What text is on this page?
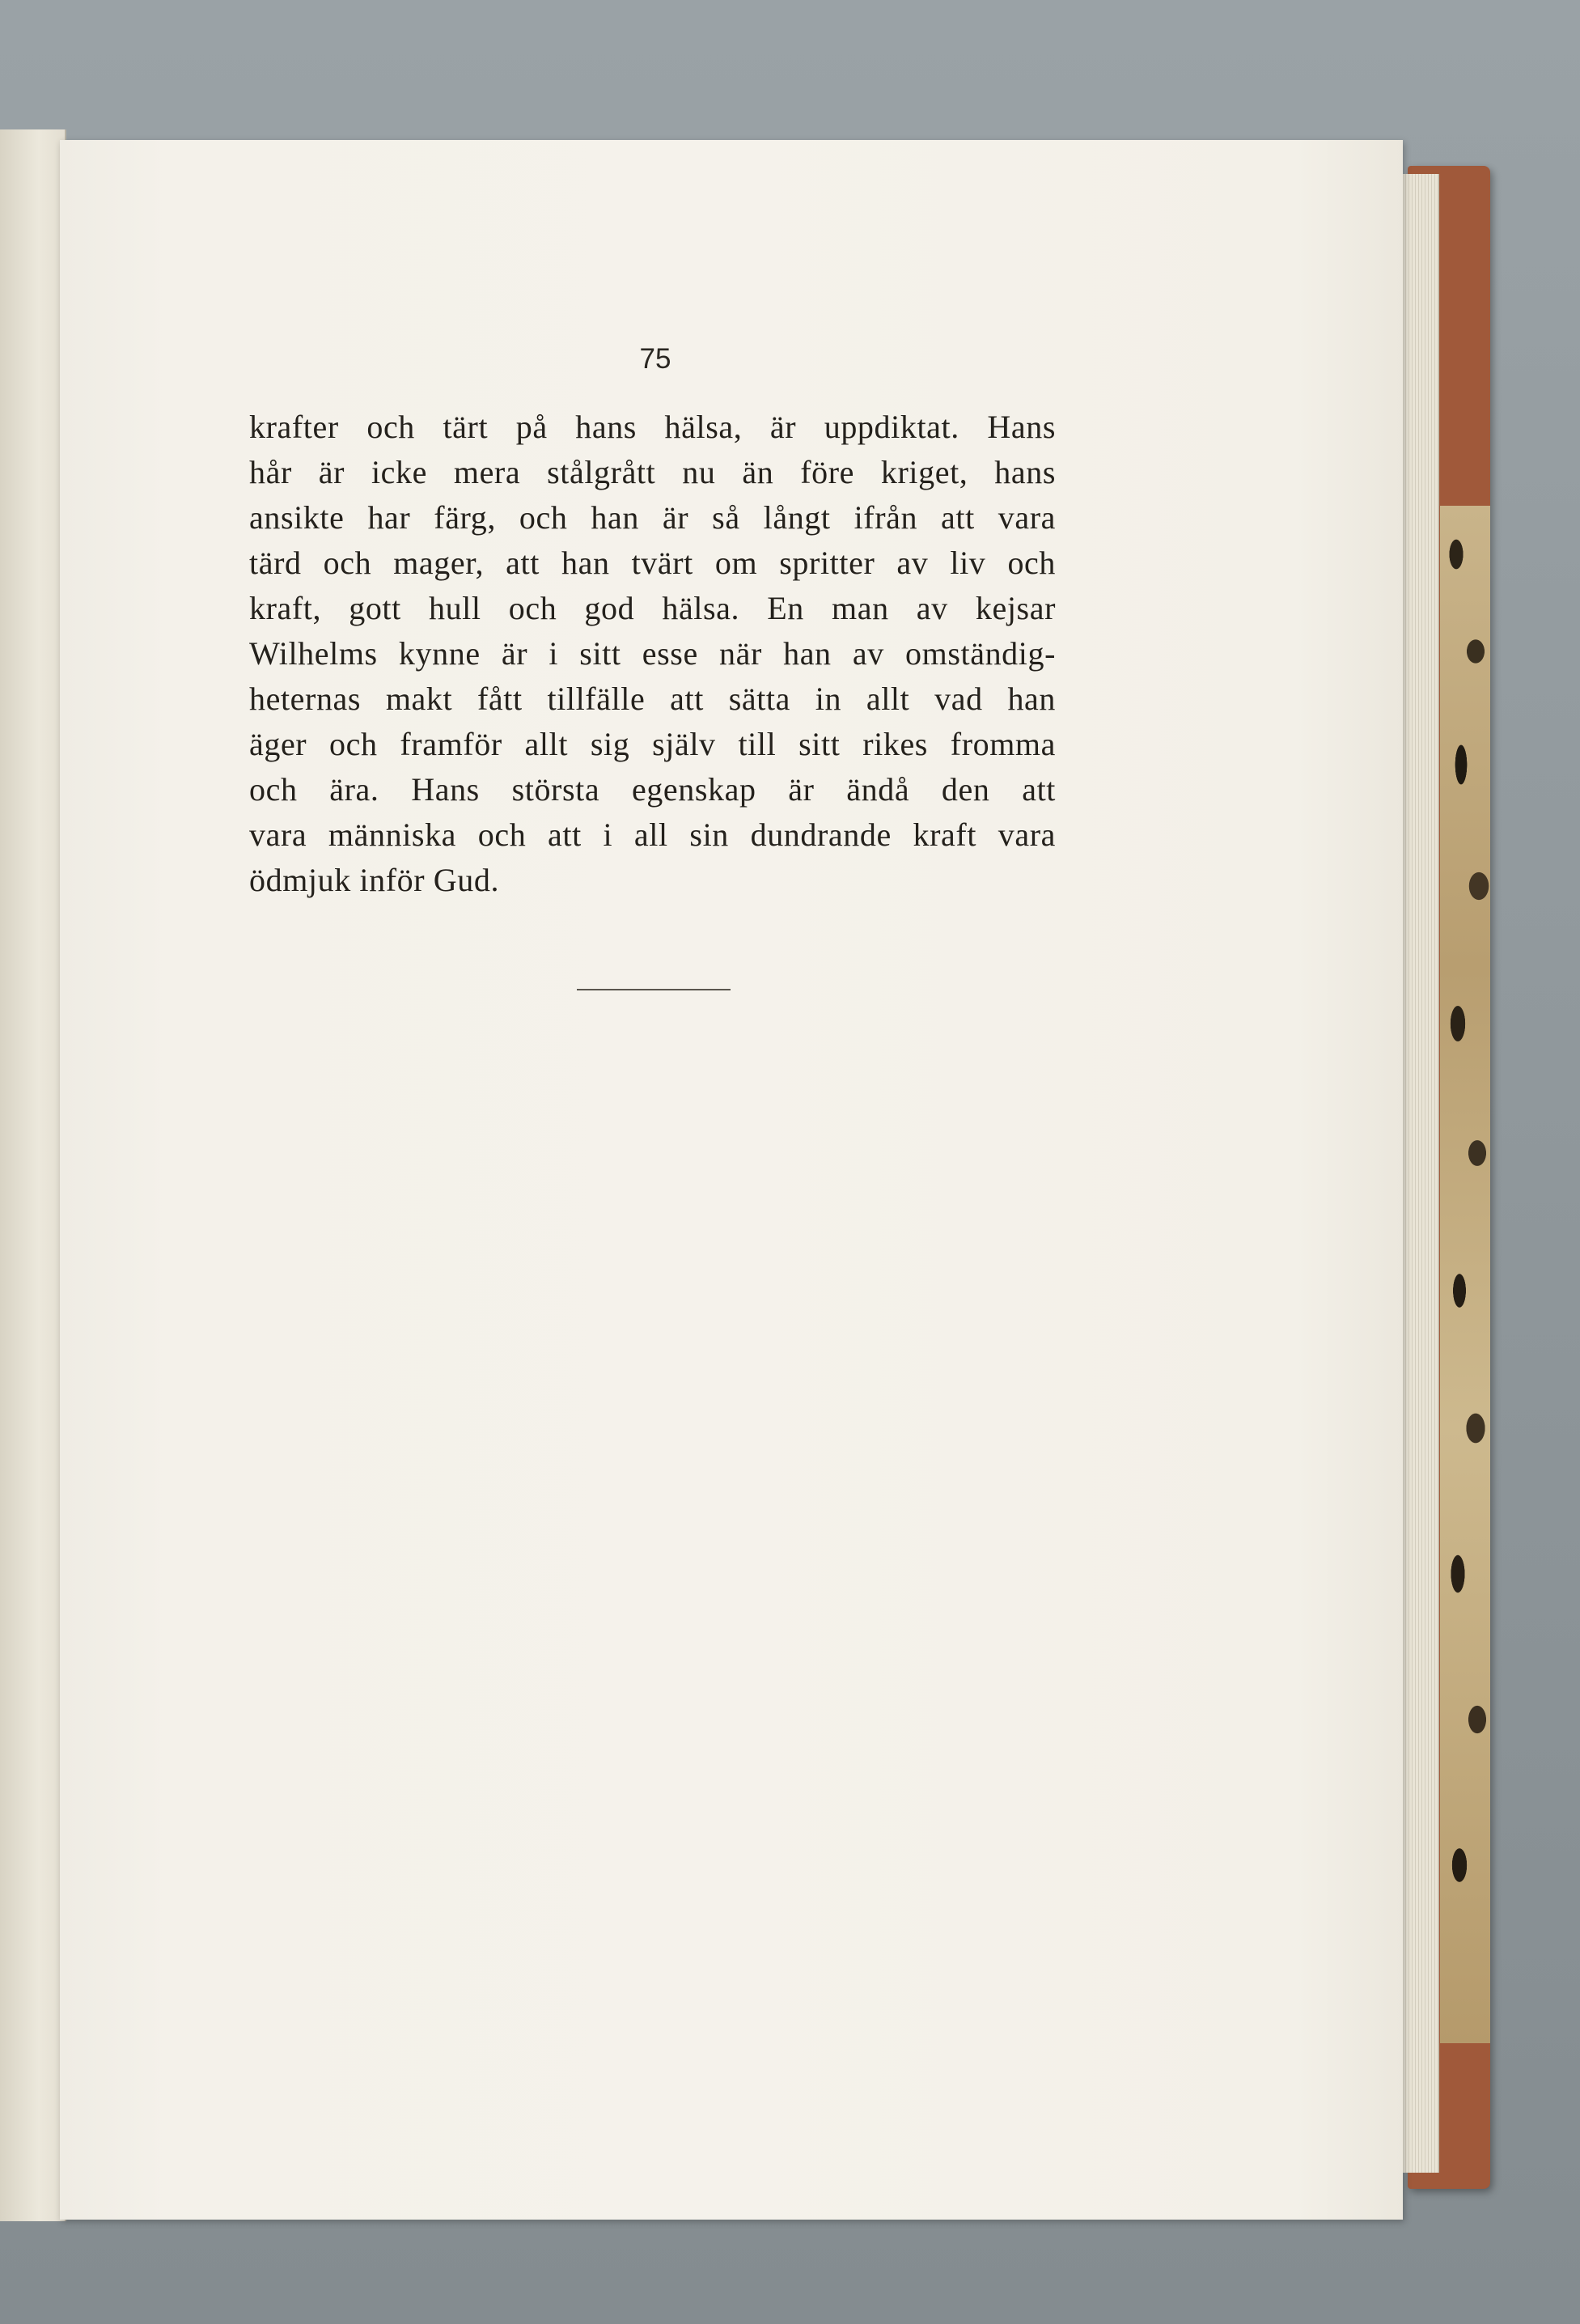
75
krafter och tärt på hans hälsa, är uppdiktat. Hans
hår är icke mera stålgrått nu än före kriget, hans
ansikte har färg, och han är så långt ifrån att vara
tärd och mager, att han tvärt om spritter av liv och
kraft, gott hull och god hälsa. En man av kejsar
Wilhelms kynne är i sitt esse när han av omständig-
heternas makt fått tillfälle att sätta in allt vad han
äger och framför allt sig själv till sitt rikes fromma
och ära. Hans största egenskap är ändå den att
vara människa och att i all sin dundrande kraft vara
ödmjuk inför Gud.
